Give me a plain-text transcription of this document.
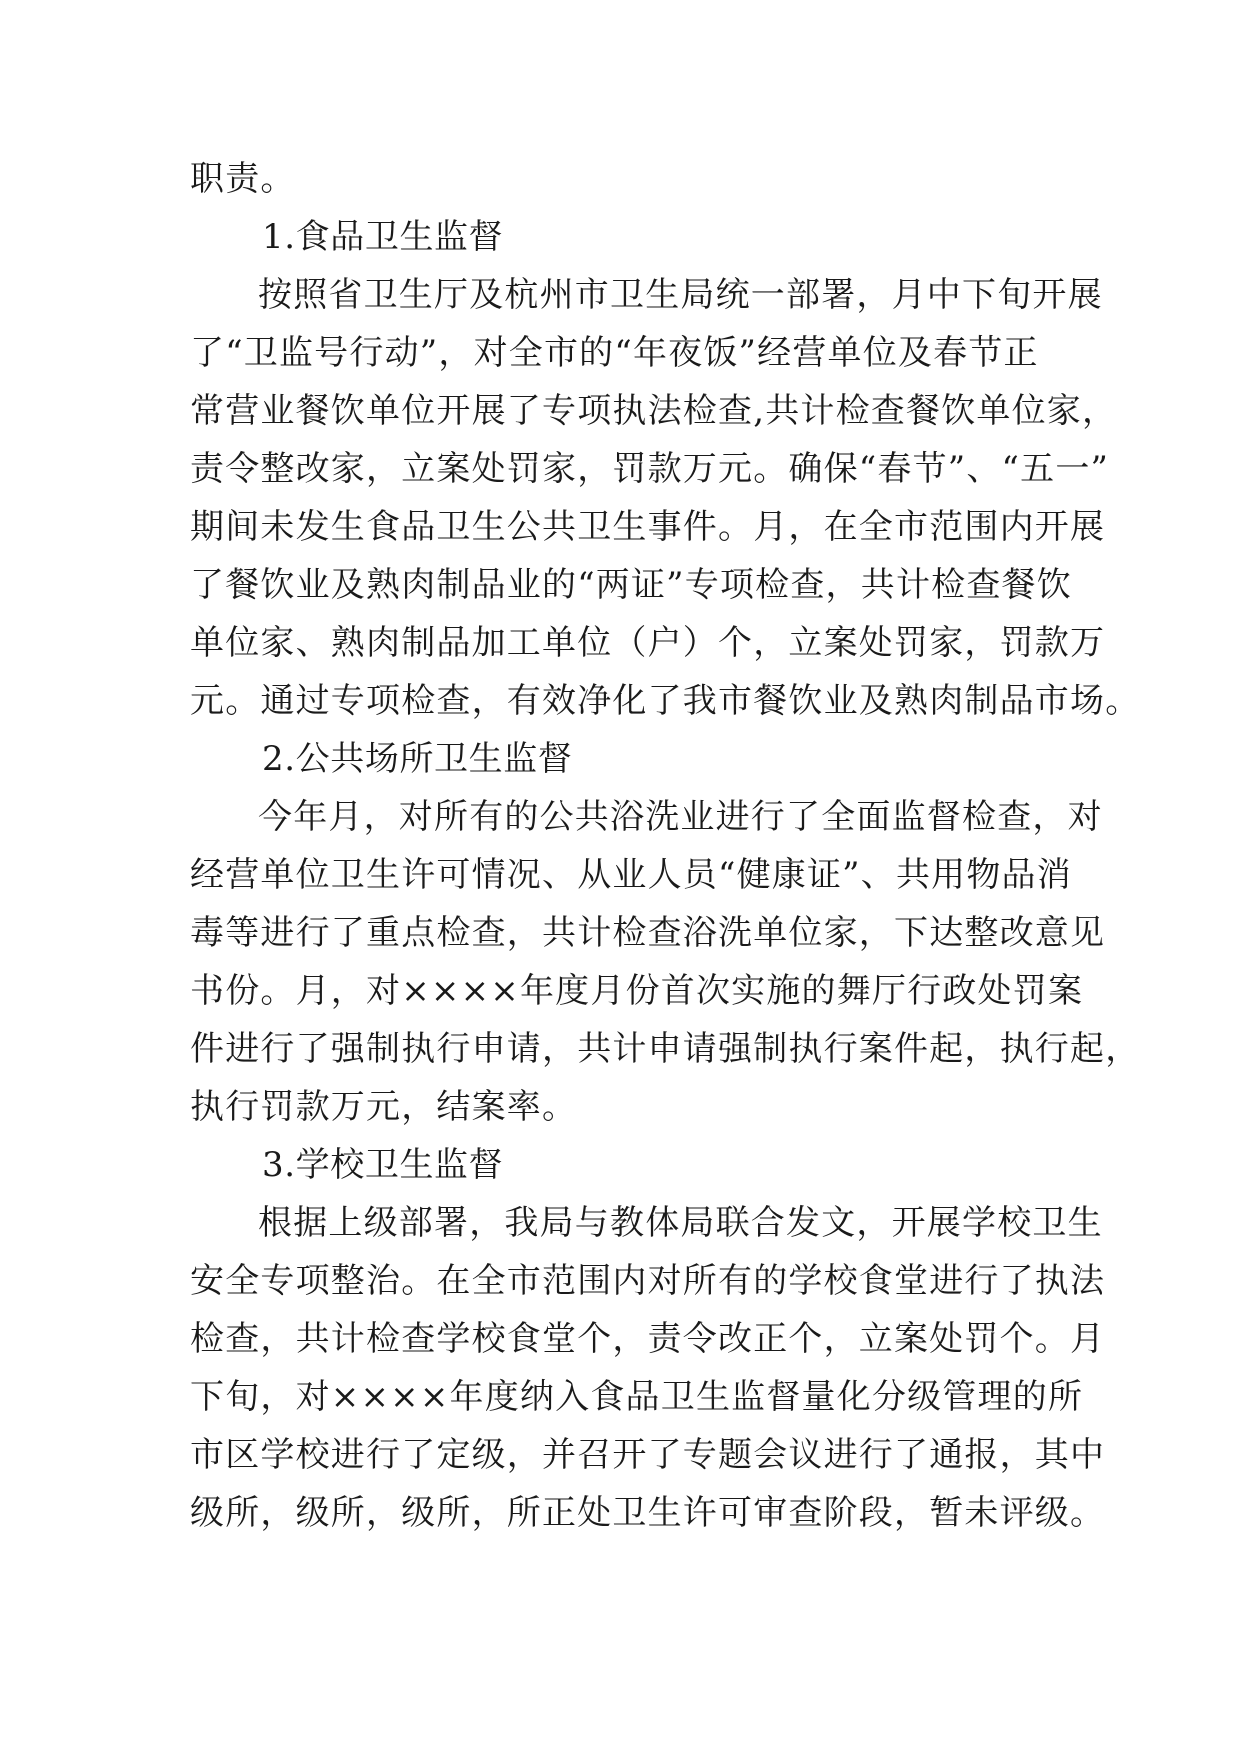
职责。
1.食品卫生监督
按照省卫生厅及杭州市卫生局统一部署，月中下旬开展
了“卫监号行动”，对全市的“年夜饭”经营单位及春节正
常营业餐饮单位开展了专项执法检查,共计检查餐饮单位家，
责令整改家，立案处罚家，罚款万元。确保“春节”、“五一”
期间未发生食品卫生公共卫生事件。月，在全市范围内开展
了餐饮业及熟肉制品业的“两证”专项检查，共计检查餐饮
单位家、熟肉制品加工单位（户）个，立案处罚家，罚款万
元。通过专项检查，有效净化了我市餐饮业及熟肉制品市场。
2.公共场所卫生监督
今年月，对所有的公共浴洗业进行了全面监督检查，对
经营单位卫生许可情况、从业人员“健康证”、共用物品消
毒等进行了重点检查，共计检查浴洗单位家，下达整改意见
书份。月，对××××年度月份首次实施的舞厅行政处罚案
件进行了强制执行申请，共计申请强制执行案件起，执行起，
执行罚款万元，结案率。
3.学校卫生监督
根据上级部署，我局与教体局联合发文，开展学校卫生
安全专项整治。在全市范围内对所有的学校食堂进行了执法
检查，共计检查学校食堂个，责令改正个，立案处罚个。月
下旬，对××××年度纳入食品卫生监督量化分级管理的所
市区学校进行了定级，并召开了专题会议进行了通报，其中
级所，级所，级所，所正处卫生许可审查阶段，暂未评级。
